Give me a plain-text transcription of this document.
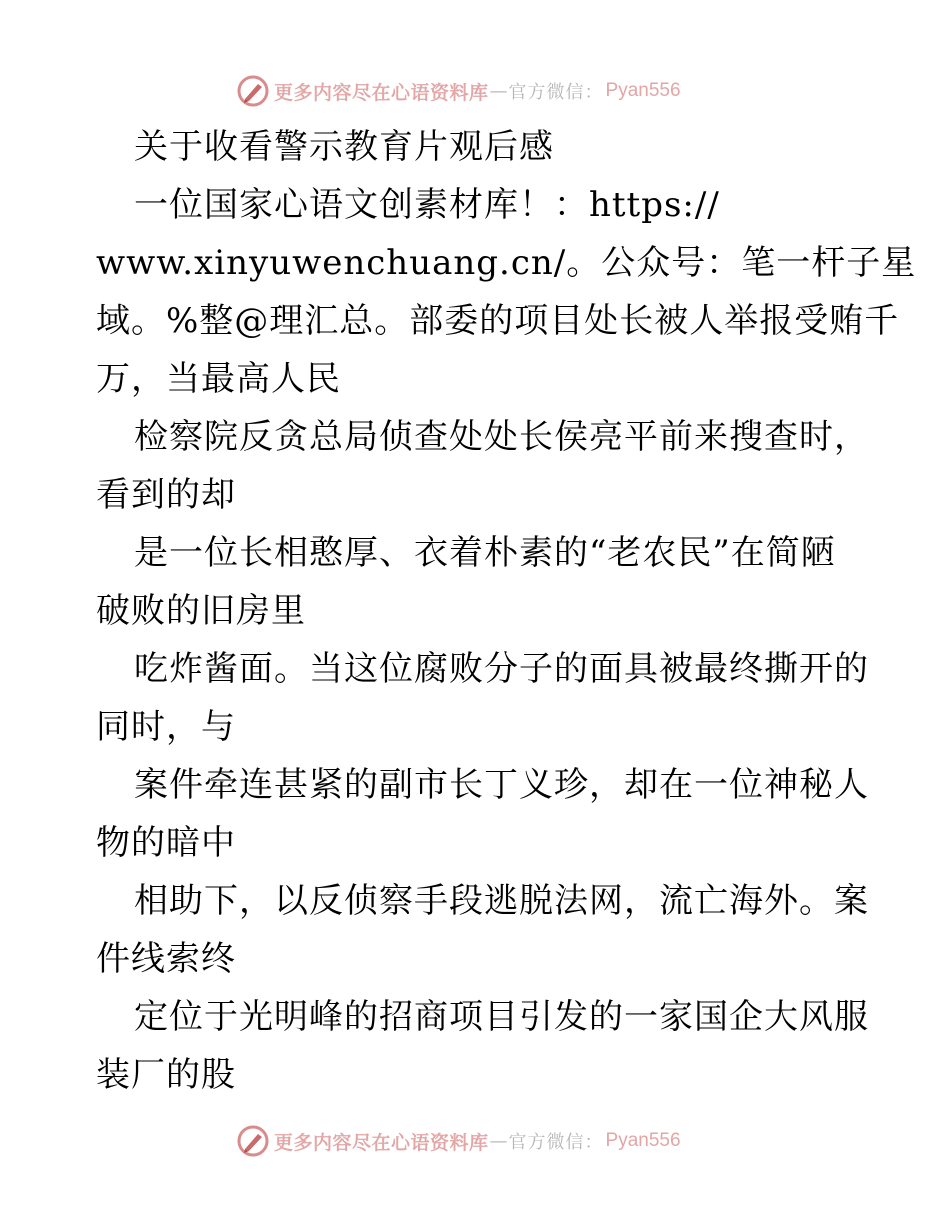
更多内容尽在心语资料库 — 官方微信： Pyan556
关于收看警示教育片观后感
一位国家心语文创素材库！：https://
www.xinyuwenchuang.cn/。公众号：笔一杆子星
域。%整@理汇总。部委的项目处长被人举报受贿千
万，当最高人民
检察院反贪总局侦查处处长侯亮平前来搜查时，
看到的却
是一位长相憨厚、衣着朴素的“老农民”在简陋
破败的旧房里
吃炸酱面。当这位腐败分子的面具被最终撕开的
同时，与
案件牵连甚紧的副市长丁义珍，却在一位神秘人
物的暗中
相助下，以反侦察手段逃脱法网，流亡海外。案
件线索终
定位于光明峰的招商项目引发的一家国企大风服
装厂的股
更多内容尽在心语资料库 — 官方微信： Pyan556
